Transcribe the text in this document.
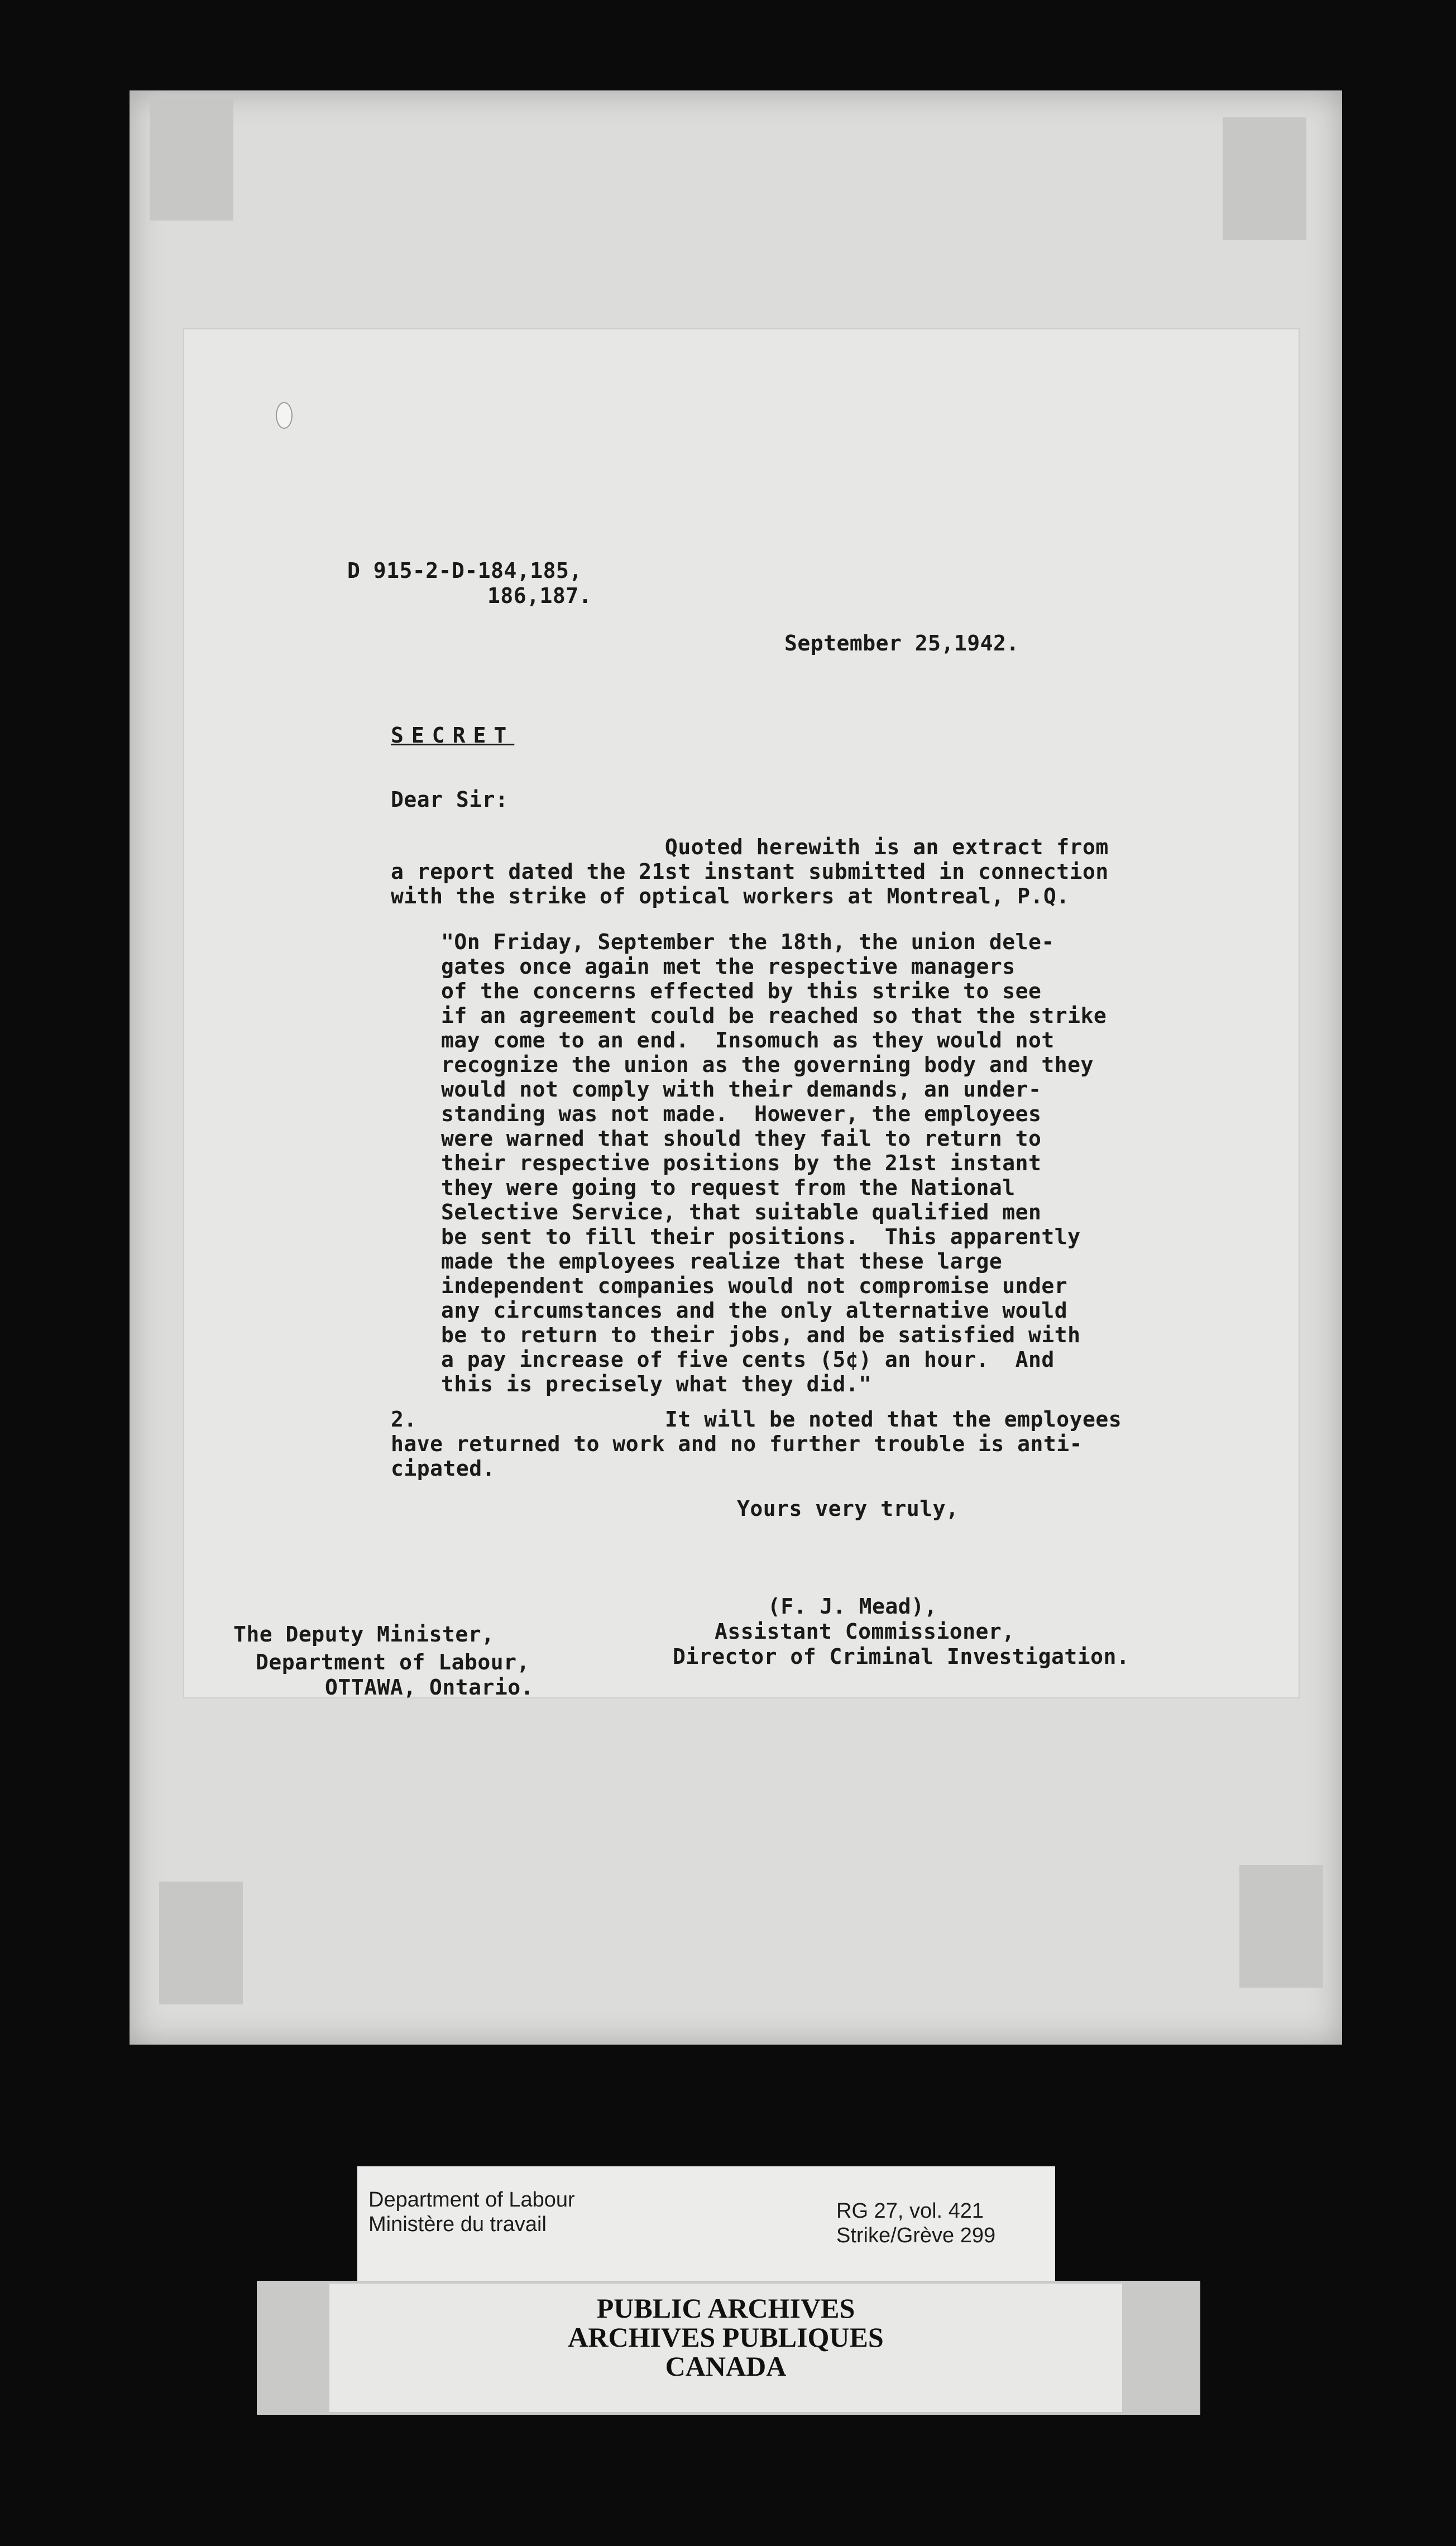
D 915-2-D-184,185,
186,187.
September 25,1942.
SECRET
Dear Sir:
Quoted herewith is an extract from
a report dated the 21st instant submitted in connection
with the strike of optical workers at Montreal, P.Q.
"On Friday, September the 18th, the union dele-
gates once again met the respective managers
of the concerns effected by this strike to see
if an agreement could be reached so that the strike
may come to an end.  Insomuch as they would not
recognize the union as the governing body and they
would not comply with their demands, an under-
standing was not made.  However, the employees
were warned that should they fail to return to
their respective positions by the 21st instant
they were going to request from the National
Selective Service, that suitable qualified men
be sent to fill their positions.  This apparently
made the employees realize that these large
independent companies would not compromise under
any circumstances and the only alternative would
be to return to their jobs, and be satisfied with
a pay increase of five cents (5¢) an hour.  And
this is precisely what they did."
2.                   It will be noted that the employees
have returned to work and no further trouble is anti-
cipated.
Yours very truly,
(F. J. Mead),
Assistant Commissioner,
Director of Criminal Investigation.
The Deputy Minister,
Department of Labour,
OTTAWA, Ontario.
Department of Labour
Ministère du travail
RG 27, vol. 421
Strike/Grève 299
PUBLIC ARCHIVES
ARCHIVES PUBLIQUES
CANADA
